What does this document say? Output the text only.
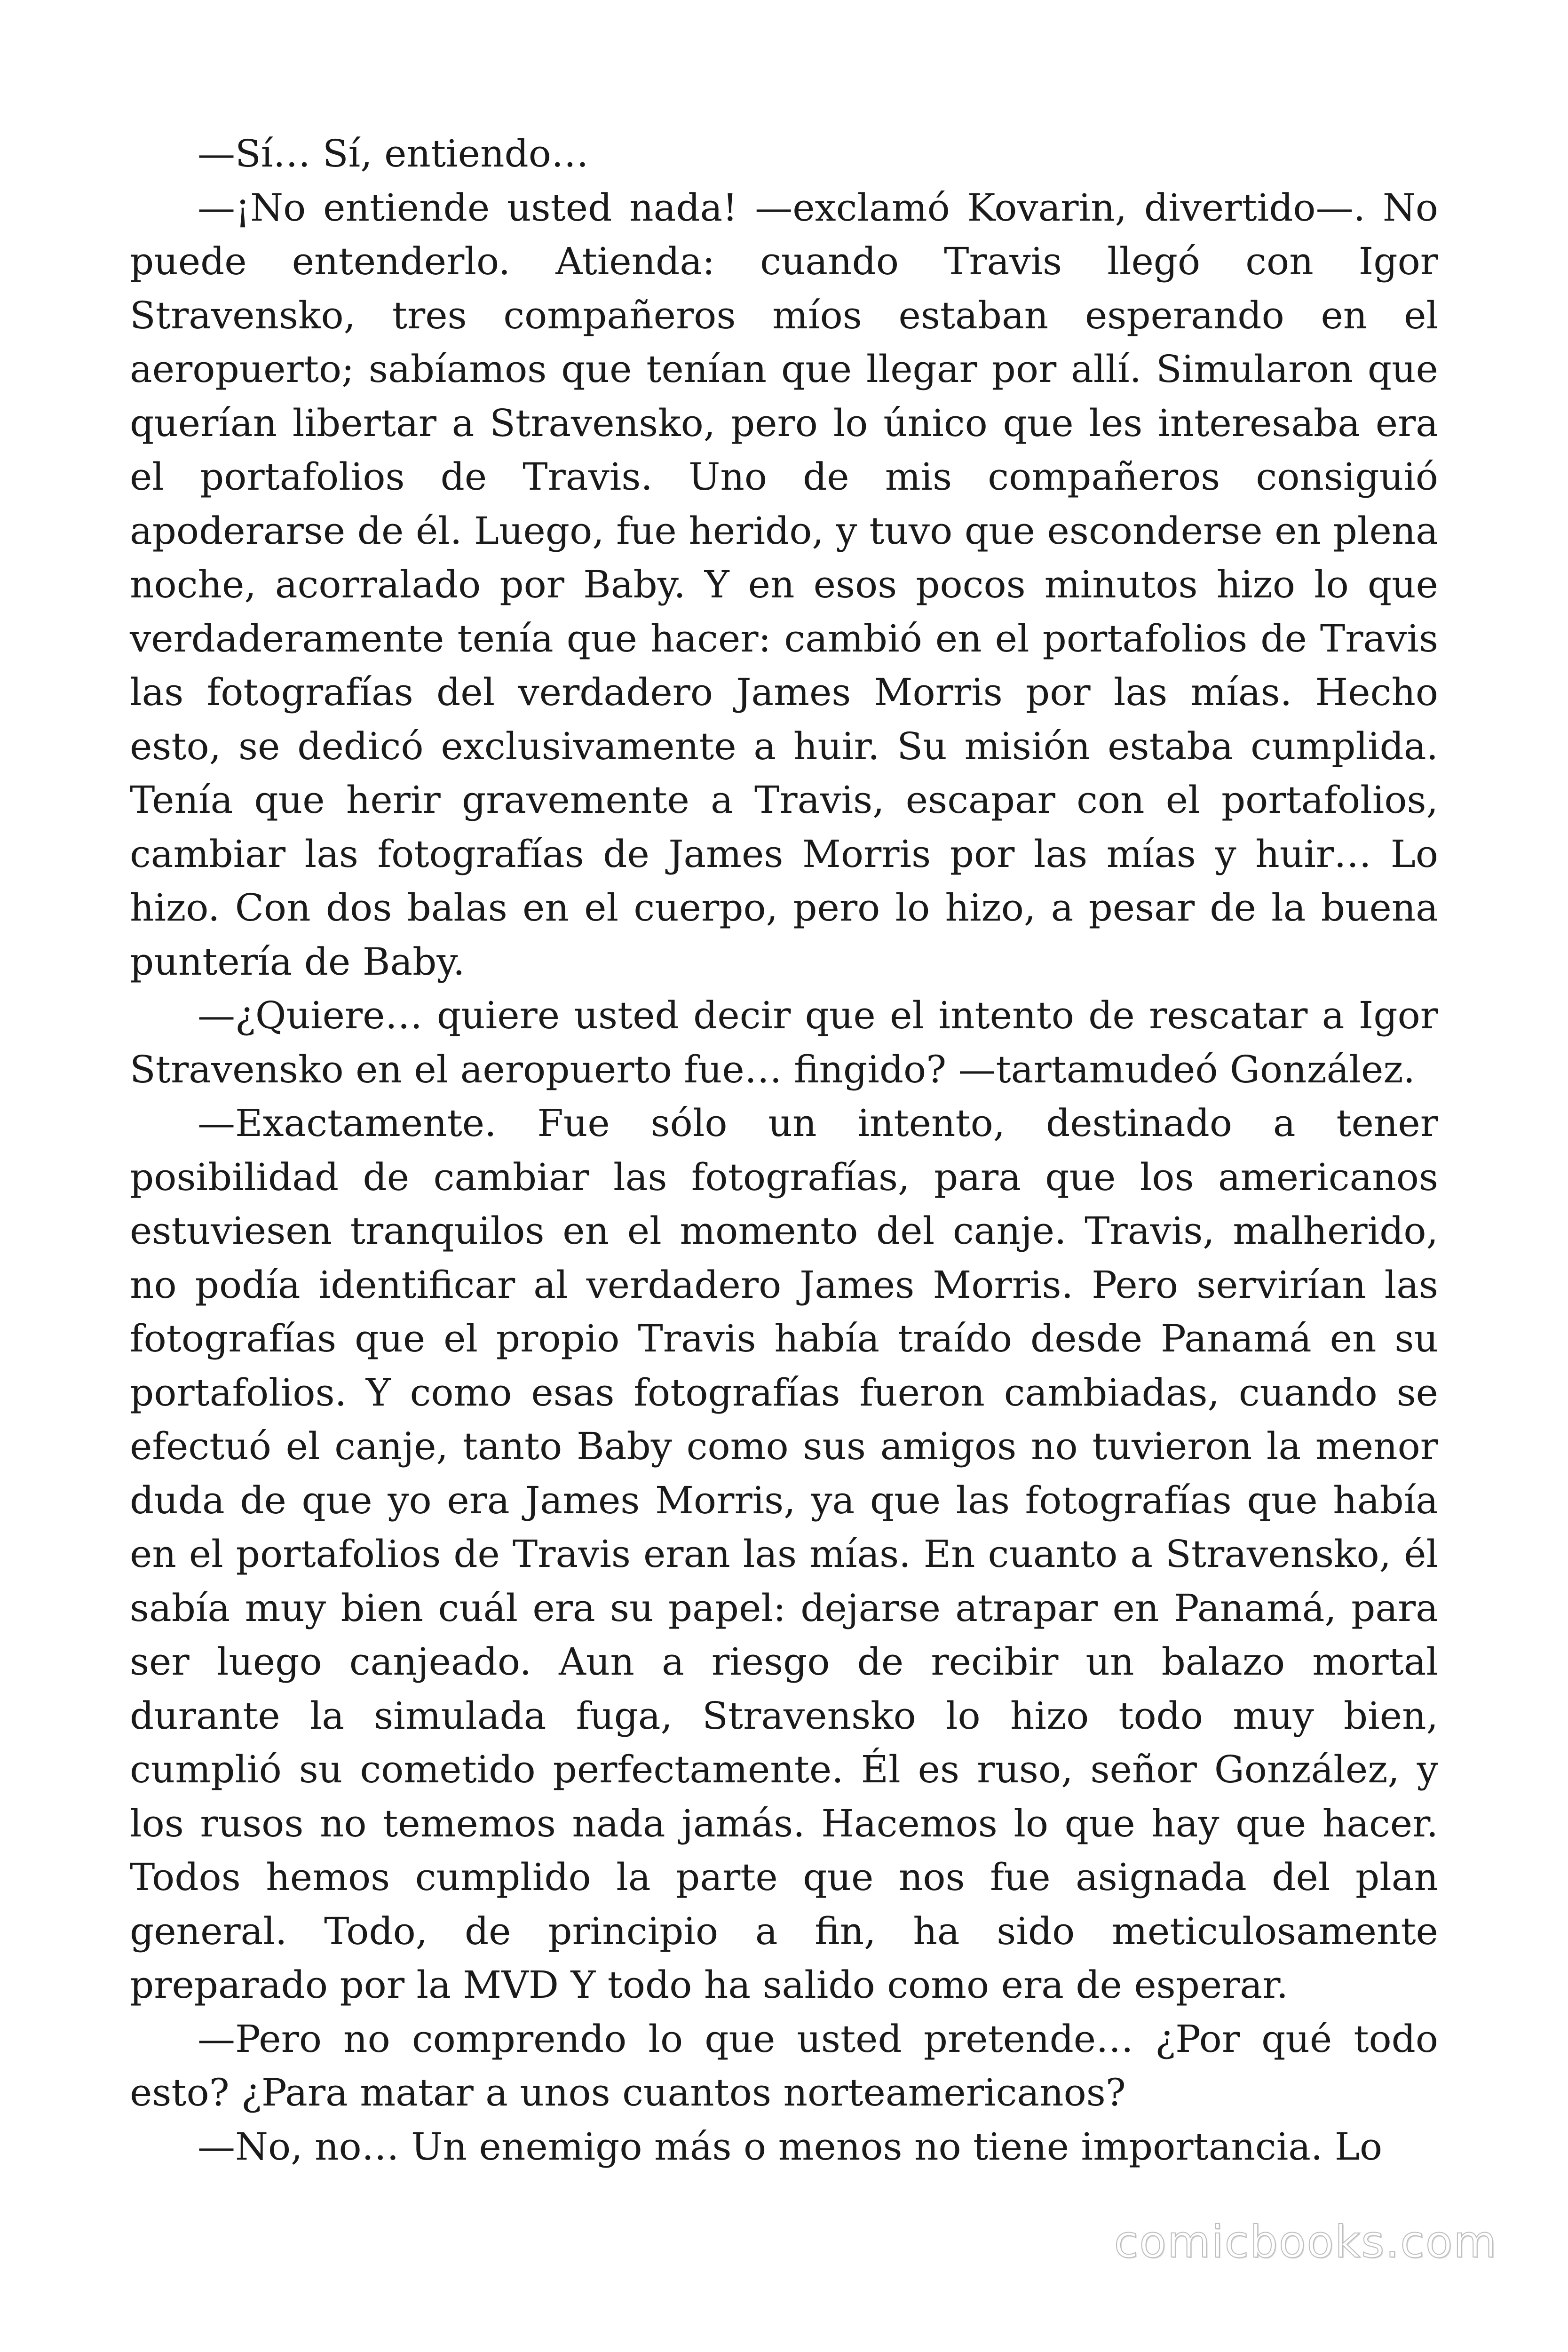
—Sí… Sí, entiendo…

—¡No entiende usted nada! —exclamó Kovarin, divertido—. No puede entenderlo. Atienda: cuando Travis llegó con Igor Stravensko, tres compañeros míos estaban esperando en el aeropuerto; sabíamos que tenían que llegar por allí. Simularon que querían libertar a Stravensko, pero lo único que les interesaba era el portafolios de Travis. Uno de mis compañeros consiguió apoderarse de él. Luego, fue herido, y tuvo que esconderse en plena noche, acorralado por Baby. Y en esos pocos minutos hizo lo que verdaderamente tenía que hacer: cambió en el portafolios de Travis las fotografías del verdadero James Morris por las mías. Hecho esto, se dedicó exclusivamente a huir. Su misión estaba cumplida. Tenía que herir gravemente a Travis, escapar con el portafolios, cambiar las fotografías de James Morris por las mías y huir… Lo hizo. Con dos balas en el cuerpo, pero lo hizo, a pesar de la buena puntería de Baby.

—¿Quiere… quiere usted decir que el intento de rescatar a Igor Stravensko en el aeropuerto fue… fingido? —tartamudeó González.

—Exactamente. Fue sólo un intento, destinado a tener posibilidad de cambiar las fotografías, para que los americanos estuviesen tranquilos en el momento del canje. Travis, malherido, no podía identificar al verdadero James Morris. Pero servirían las fotografías que el propio Travis había traído desde Panamá en su portafolios. Y como esas fotografías fueron cambiadas, cuando se efectuó el canje, tanto Baby como sus amigos no tuvieron la menor duda de que yo era James Morris, ya que las fotografías que había en el portafolios de Travis eran las mías. En cuanto a Stravensko, él sabía muy bien cuál era su papel: dejarse atrapar en Panamá, para ser luego canjeado. Aun a riesgo de recibir un balazo mortal durante la simulada fuga, Stravensko lo hizo todo muy bien, cumplió su cometido perfectamente. Él es ruso, señor González, y los rusos no tememos nada jamás. Hacemos lo que hay que hacer. Todos hemos cumplido la parte que nos fue asignada del plan general. Todo, de principio a fin, ha sido meticulosamente preparado por la MVD Y todo ha salido como era de esperar.

—Pero no comprendo lo que usted pretende… ¿Por qué todo esto? ¿Para matar a unos cuantos norteamericanos?

—No, no… Un enemigo más o menos no tiene importancia. Lo

comicbooks.com
